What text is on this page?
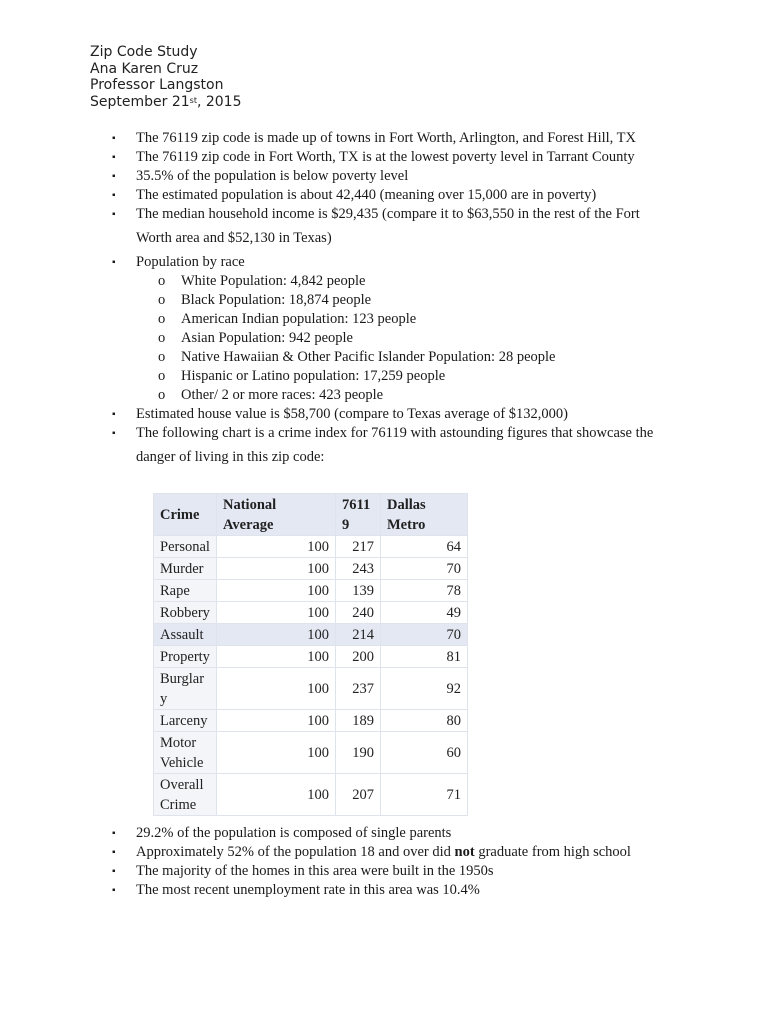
Zip Code Study
Ana Karen Cruz
Professor Langston
September 21st, 2015
▪ The 76119 zip code is made up of towns in Fort Worth, Arlington, and Forest Hill, TX
▪ The 76119 zip code in Fort Worth, TX is at the lowest poverty level in Tarrant County
▪ 35.5% of the population is below poverty level
▪ The estimated population is about 42,440 (meaning over 15,000 are in poverty)
▪ The median household income is $29,435 (compare it to $63,550 in the rest of the Fort
Worth area and $52,130 in Texas)
▪ Population by race
o White Population: 4,842 people
o Black Population: 18,874 people
o American Indian population: 123 people
o Asian Population: 942 people
o Native Hawaiian & Other Pacific Islander Population: 28 people
o Hispanic or Latino population: 17,259 people
o Other/ 2 or more races: 423 people
▪ Estimated house value is $58,700 (compare to Texas average of $132,000)
▪ The following chart is a crime index for 76119 with astounding figures that showcase the
danger of living in this zip code:
Crime	National Average	7611 9	Dallas Metro
Personal	100	217	64
Murder	100	243	70
Rape	100	139	78
Robbery	100	240	49
Assault	100	214	70
Property	100	200	81
Burglar y	100	237	92
Larceny	100	189	80
Motor Vehicle	100	190	60
Overall Crime	100	207	71
▪ 29.2% of the population is composed of single parents
▪ Approximately 52% of the population 18 and over did not graduate from high school
▪ The majority of the homes in this area were built in the 1950s
▪ The most recent unemployment rate in this area was 10.4%
